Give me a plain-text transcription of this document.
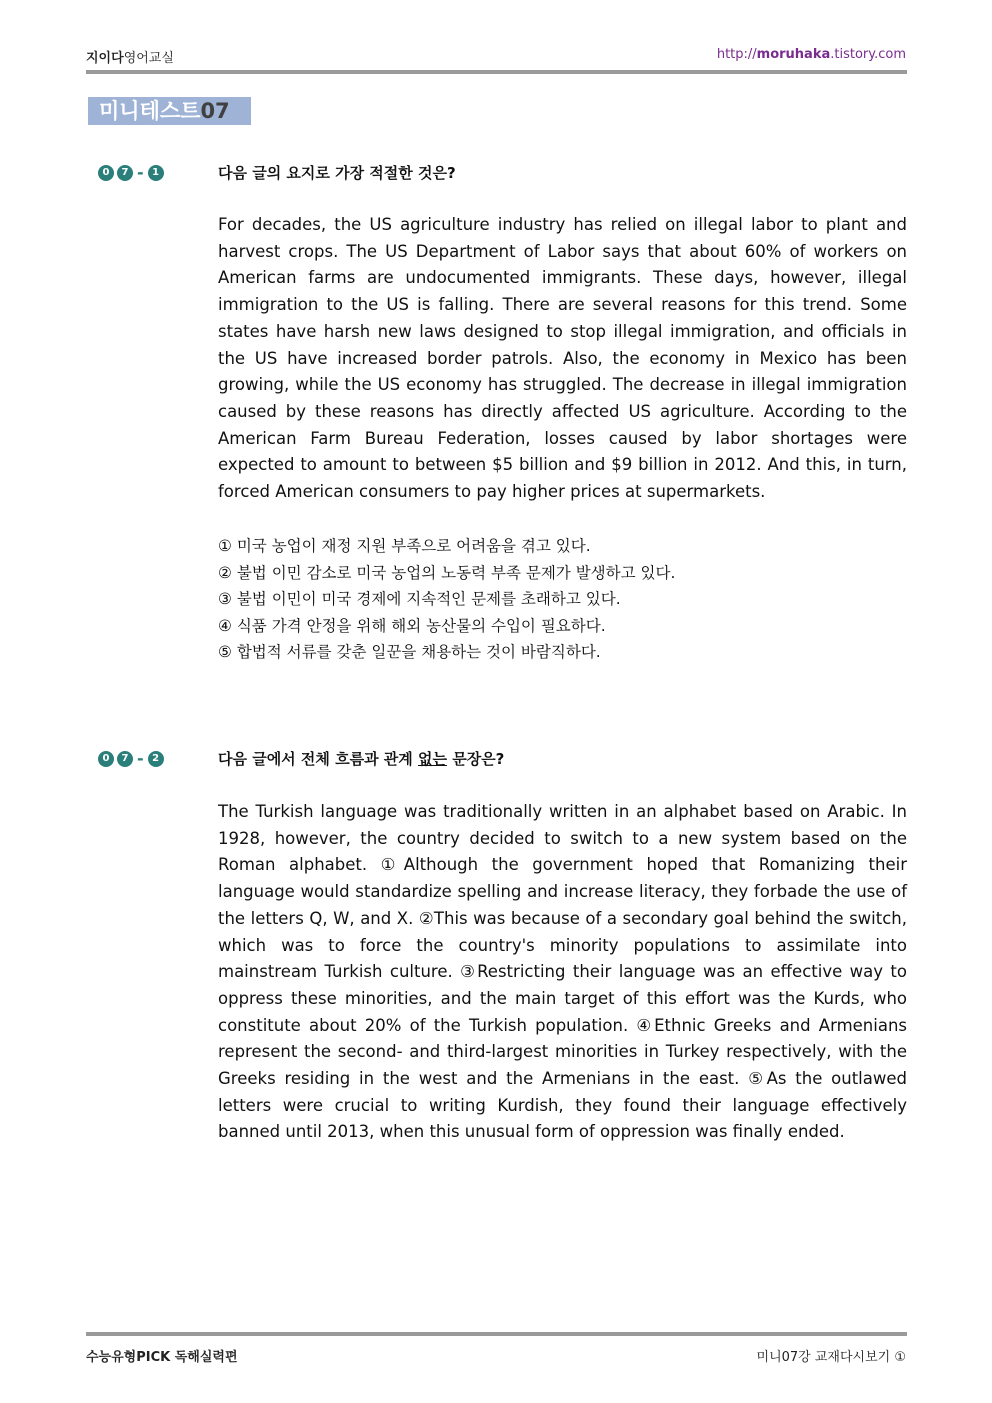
지이다영어교실	http://moruhaka.tistory.com
미니테스트07
0	7 - 1	다음 글의 요지로 가장 적절한 것은?
For decades, the US agriculture industry has relied on illegal labor to plant and harvest crops. The US Department of Labor says that about 60% of workers on American farms are undocumented immigrants. These days, however, illegal immigration to the US is falling. There are several reasons for this trend. Some states have harsh new laws designed to stop illegal immigration, and officials in the US have increased border patrols. Also, the economy in Mexico has been growing, while the US economy has struggled. The decrease in illegal immigration caused by these reasons has directly affected US agriculture. According to the American Farm Bureau Federation, losses caused by labor shortages were expected to amount to between $5 billion and $9 billion in 2012. And this, in turn, forced American consumers to pay higher prices at supermarkets.
① 미국 농업이 재정 지원 부족으로 어려움을 겪고 있다.
② 불법 이민 감소로 미국 농업의 노동력 부족 문제가 발생하고 있다.
③ 불법 이민이 미국 경제에 지속적인 문제를 초래하고 있다.
④ 식품 가격 안정을 위해 해외 농산물의 수입이 필요하다.
⑤ 합법적 서류를 갖춘 일꾼을 채용하는 것이 바람직하다.
0	7 - 2	다음 글에서 전체 흐름과 관계 없는 문장은?
The Turkish language was traditionally written in an alphabet based on Arabic. In 1928, however, the country decided to switch to a new system based on the Roman alphabet. ①Although the government hoped that Romanizing their language would standardize spelling and increase literacy, they forbade the use of the letters Q, W, and X. ②This was because of a secondary goal behind the switch, which was to force the country's minority populations to assimilate into mainstream Turkish culture. ③Restricting their language was an effective way to oppress these minorities, and the main target of this effort was the Kurds, who constitute about 20% of the Turkish population. ④Ethnic Greeks and Armenians represent the second- and third-largest minorities in Turkey respectively, with the Greeks residing in the west and the Armenians in the east. ⑤As the outlawed letters were crucial to writing Kurdish, they found their language effectively banned until 2013, when this unusual form of oppression was finally ended.
수능유형PICK 독해실력편	미니07강 교재다시보기 ①
